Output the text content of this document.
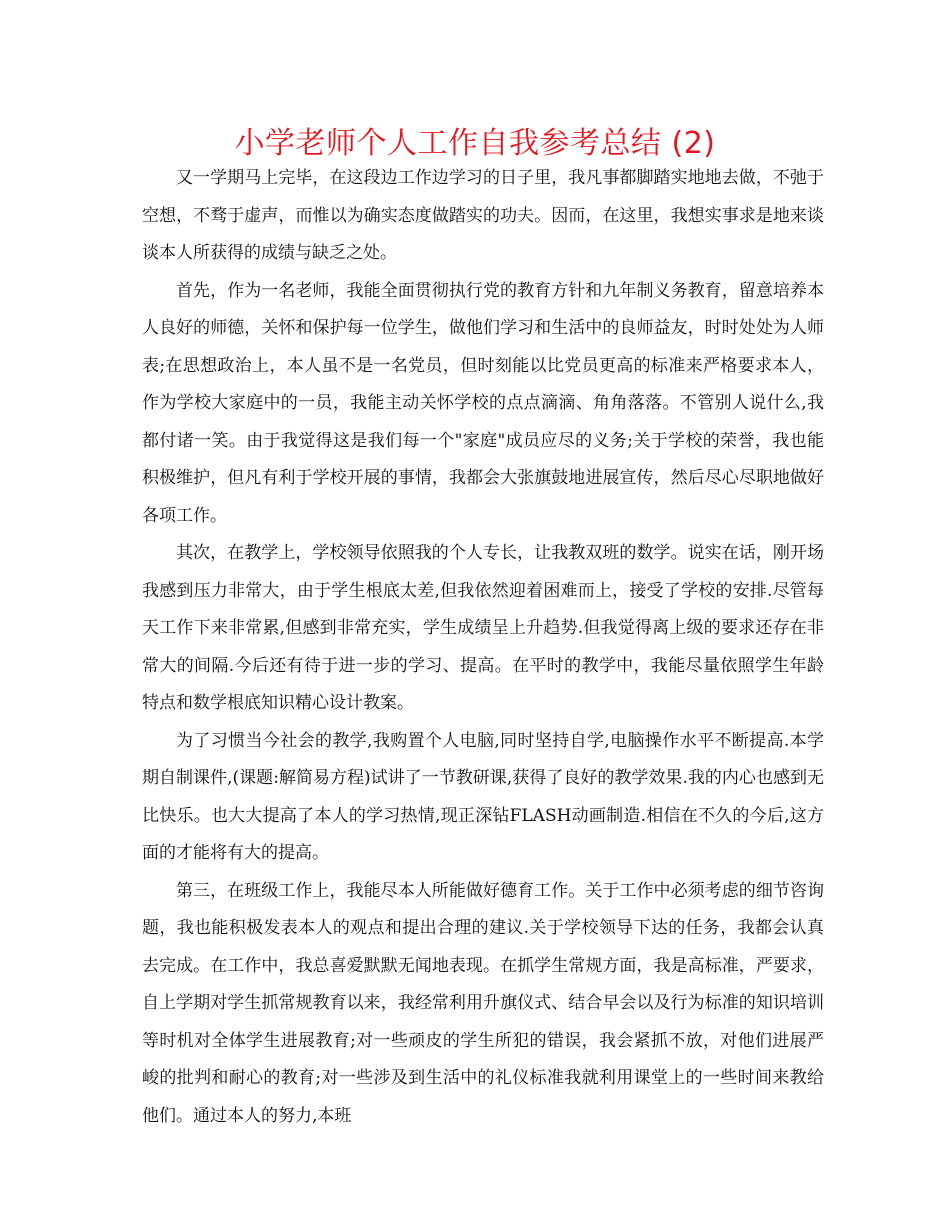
小学老师个人工作自我参考总结 (2)

又一学期马上完毕，在这段边工作边学习的日子里，我凡事都脚踏实地地去做，不弛于空想，不骛于虚声，而惟以为确实态度做踏实的功夫。因而，在这里，我想实事求是地来谈谈本人所获得的成绩与缺乏之处。

首先，作为一名老师，我能全面贯彻执行党的教育方针和九年制义务教育，留意培养本人良好的师德，关怀和保护每一位学生，做他们学习和生活中的良师益友，时时处处为人师表;在思想政治上，本人虽不是一名党员，但时刻能以比党员更高的标准来严格要求本人，作为学校大家庭中的一员，我能主动关怀学校的点点滴滴、角角落落。不管别人说什么,我都付诸一笑。由于我觉得这是我们每一个"家庭"成员应尽的义务;关于学校的荣誉，我也能积极维护，但凡有利于学校开展的事情，我都会大张旗鼓地进展宣传，然后尽心尽职地做好各项工作。

其次，在教学上，学校领导依照我的个人专长，让我教双班的数学。说实在话，刚开场我感到压力非常大，由于学生根底太差,但我依然迎着困难而上，接受了学校的安排.尽管每天工作下来非常累,但感到非常充实，学生成绩呈上升趋势.但我觉得离上级的要求还存在非常大的间隔.今后还有待于进一步的学习、提高。在平时的教学中，我能尽量依照学生年龄特点和数学根底知识精心设计教案。

为了习惯当今社会的教学,我购置个人电脑,同时坚持自学,电脑操作水平不断提高.本学期自制课件,(课题:解简易方程)试讲了一节教研课,获得了良好的教学效果.我的内心也感到无比快乐。也大大提高了本人的学习热情,现正深钻FLASH动画制造.相信在不久的今后,这方面的才能将有大的提高。

第三，在班级工作上，我能尽本人所能做好德育工作。关于工作中必须考虑的细节咨询题，我也能积极发表本人的观点和提出合理的建议.关于学校领导下达的任务，我都会认真去完成。在工作中，我总喜爱默默无闻地表现。在抓学生常规方面，我是高标准，严要求，自上学期对学生抓常规教育以来，我经常利用升旗仪式、结合早会以及行为标准的知识培训等时机对全体学生进展教育;对一些顽皮的学生所犯的错误，我会紧抓不放，对他们进展严峻的批判和耐心的教育;对一些涉及到生活中的礼仪标准我就利用课堂上的一些时间来教给他们。通过本人的努力,本班
